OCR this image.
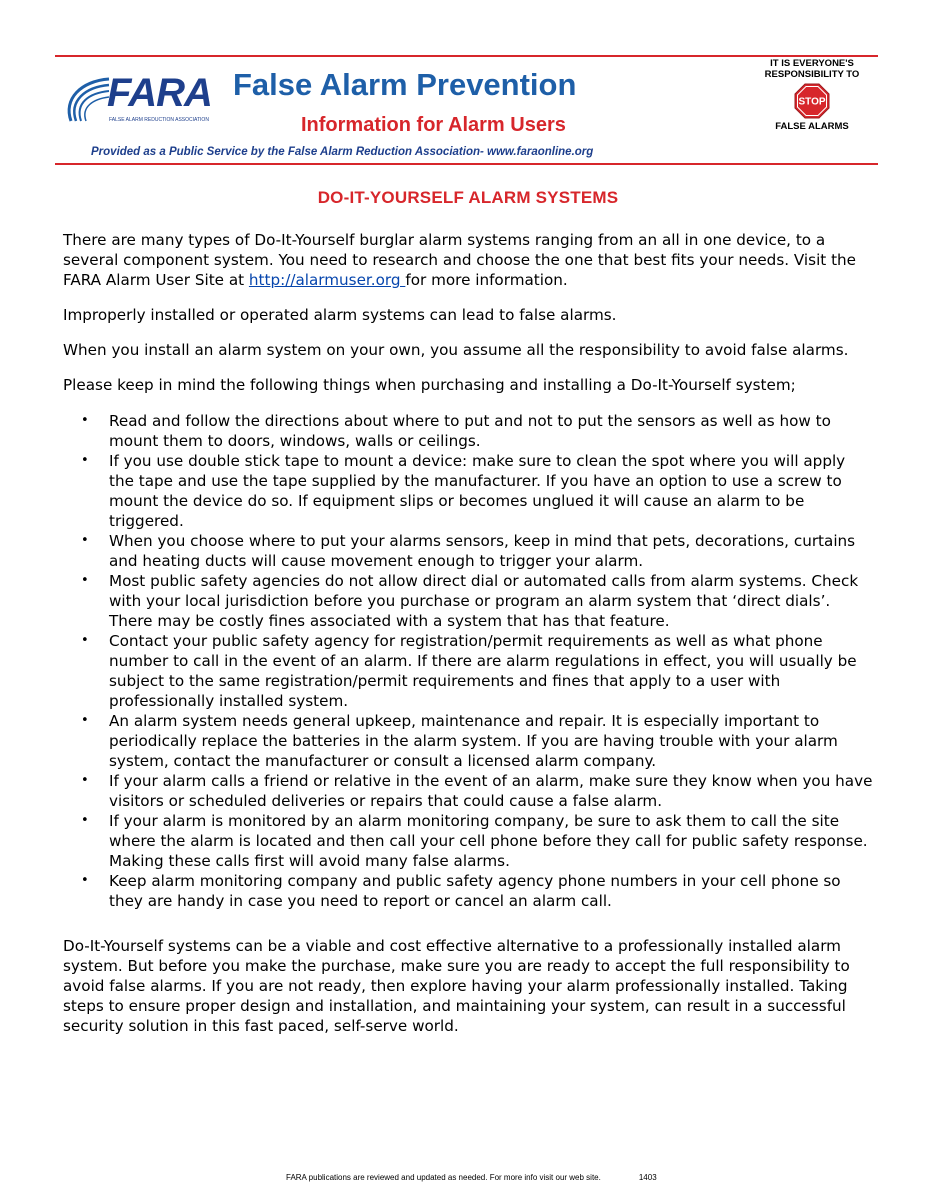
FARA
FALSE ALARM REDUCTION ASSOCIATION
False Alarm Prevention
Information for Alarm Users

IT IS EVERYONE'S

RESPONSIBILITY TO

STOP

FALSE ALARMS

Provided as a Public Service by the False Alarm Reduction Association- www.faraonline.org

DO-IT-YOURSELF ALARM SYSTEMS

There are many types of Do-It-Yourself burglar alarm systems ranging from an all in one device, to a several component system. You need to research and choose the one that best fits your needs. Visit the FARA Alarm User Site at http://alarmuser.org for more information.

Improperly installed or operated alarm systems can lead to false alarms.

When you install an alarm system on your own, you assume all the responsibility to avoid false alarms.

Please keep in mind the following things when purchasing and installing a Do-It-Yourself system;

• Read and follow the directions about where to put and not to put the sensors as well as how to mount them to doors, windows, walls or ceilings.
• If you use double stick tape to mount a device: make sure to clean the spot where you will apply the tape and use the tape supplied by the manufacturer. If you have an option to use a screw to mount the device do so. If equipment slips or becomes unglued it will cause an alarm to be triggered.
• When you choose where to put your alarms sensors, keep in mind that pets, decorations, curtains and heating ducts will cause movement enough to trigger your alarm.
• Most public safety agencies do not allow direct dial or automated calls from alarm systems. Check with your local jurisdiction before you purchase or program an alarm system that ‘direct dials’. There may be costly fines associated with a system that has that feature.
• Contact your public safety agency for registration/permit requirements as well as what phone number to call in the event of an alarm. If there are alarm regulations in effect, you will usually be subject to the same registration/permit requirements and fines that apply to a user with professionally installed system.
• An alarm system needs general upkeep, maintenance and repair. It is especially important to periodically replace the batteries in the alarm system. If you are having trouble with your alarm system, contact the manufacturer or consult a licensed alarm company.
• If your alarm calls a friend or relative in the event of an alarm, make sure they know when you have visitors or scheduled deliveries or repairs that could cause a false alarm.
• If your alarm is monitored by an alarm monitoring company, be sure to ask them to call the site where the alarm is located and then call your cell phone before they call for public safety response. Making these calls first will avoid many false alarms.
• Keep alarm monitoring company and public safety agency phone numbers in your cell phone so they are handy in case you need to report or cancel an alarm call.

Do-It-Yourself systems can be a viable and cost effective alternative to a professionally installed alarm system. But before you make the purchase, make sure you are ready to accept the full responsibility to avoid false alarms. If you are not ready, then explore having your alarm professionally installed. Taking steps to ensure proper design and installation, and maintaining your system, can result in a successful security solution in this fast paced, self-serve world.

FARA publications are reviewed and updated as needed. For more info visit our web site.	1403
